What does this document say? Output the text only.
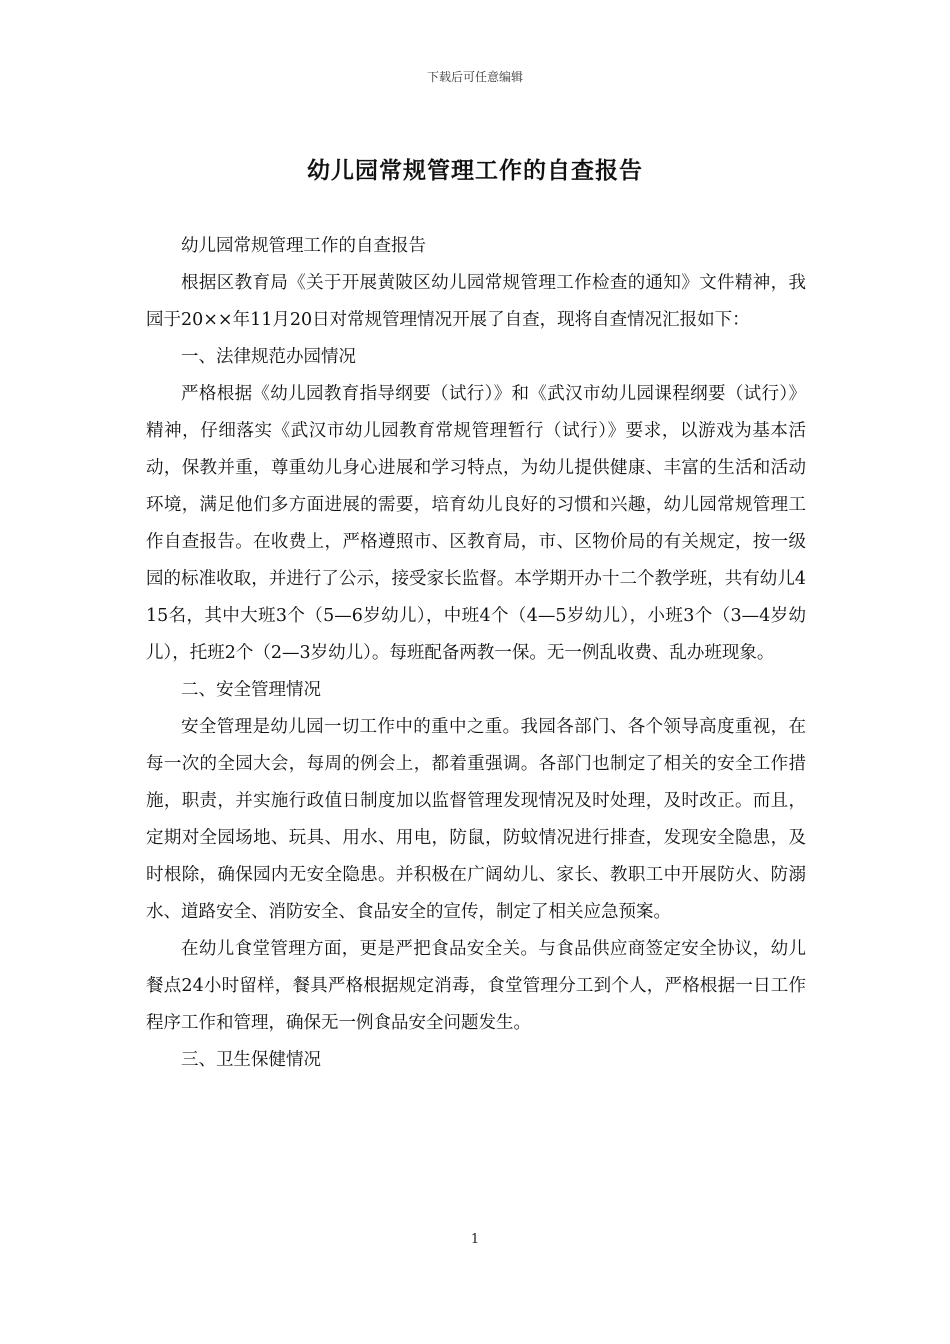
下载后可任意编辑
幼儿园常规管理工作的自查报告

幼儿园常规管理工作的自查报告

根据区教育局《关于开展黄陂区幼儿园常规管理工作检查的通知》文件精神，我园于20××年11月20日对常规管理情况开展了自查，现将自查情况汇报如下：

一、法律规范办园情况

严格根据《幼儿园教育指导纲要（试行）》和《武汉市幼儿园课程纲要（试行）》精神，仔细落实《武汉市幼儿园教育常规管理暂行（试行）》要求，以游戏为基本活动，保教并重，尊重幼儿身心进展和学习特点，为幼儿提供健康、丰富的生活和活动环境，满足他们多方面进展的需要，培育幼儿良好的习惯和兴趣，幼儿园常规管理工作自查报告。在收费上，严格遵照市、区教育局，市、区物价局的有关规定，按一级园的标准收取，并进行了公示，接受家长监督。本学期开办十二个教学班，共有幼儿415名，其中大班3个（5—6岁幼儿），中班4个（4—5岁幼儿），小班3个（3—4岁幼儿），托班2个（2—3岁幼儿）。每班配备两教一保。无一例乱收费、乱办班现象。

二、安全管理情况

安全管理是幼儿园一切工作中的重中之重。我园各部门、各个领导高度重视，在每一次的全园大会，每周的例会上，都着重强调。各部门也制定了相关的安全工作措施，职责，并实施行政值日制度加以监督管理发现情况及时处理，及时改正。而且，定期对全园场地、玩具、用水、用电，防鼠，防蚊情况进行排查，发现安全隐患，及时根除，确保园内无安全隐患。并积极在广阔幼儿、家长、教职工中开展防火、防溺水、道路安全、消防安全、食品安全的宣传，制定了相关应急预案。

在幼儿食堂管理方面，更是严把食品安全关。与食品供应商签定安全协议，幼儿餐点24小时留样，餐具严格根据规定消毒，食堂管理分工到个人，严格根据一日工作程序工作和管理，确保无一例食品安全问题发生。

三、卫生保健情况

1
